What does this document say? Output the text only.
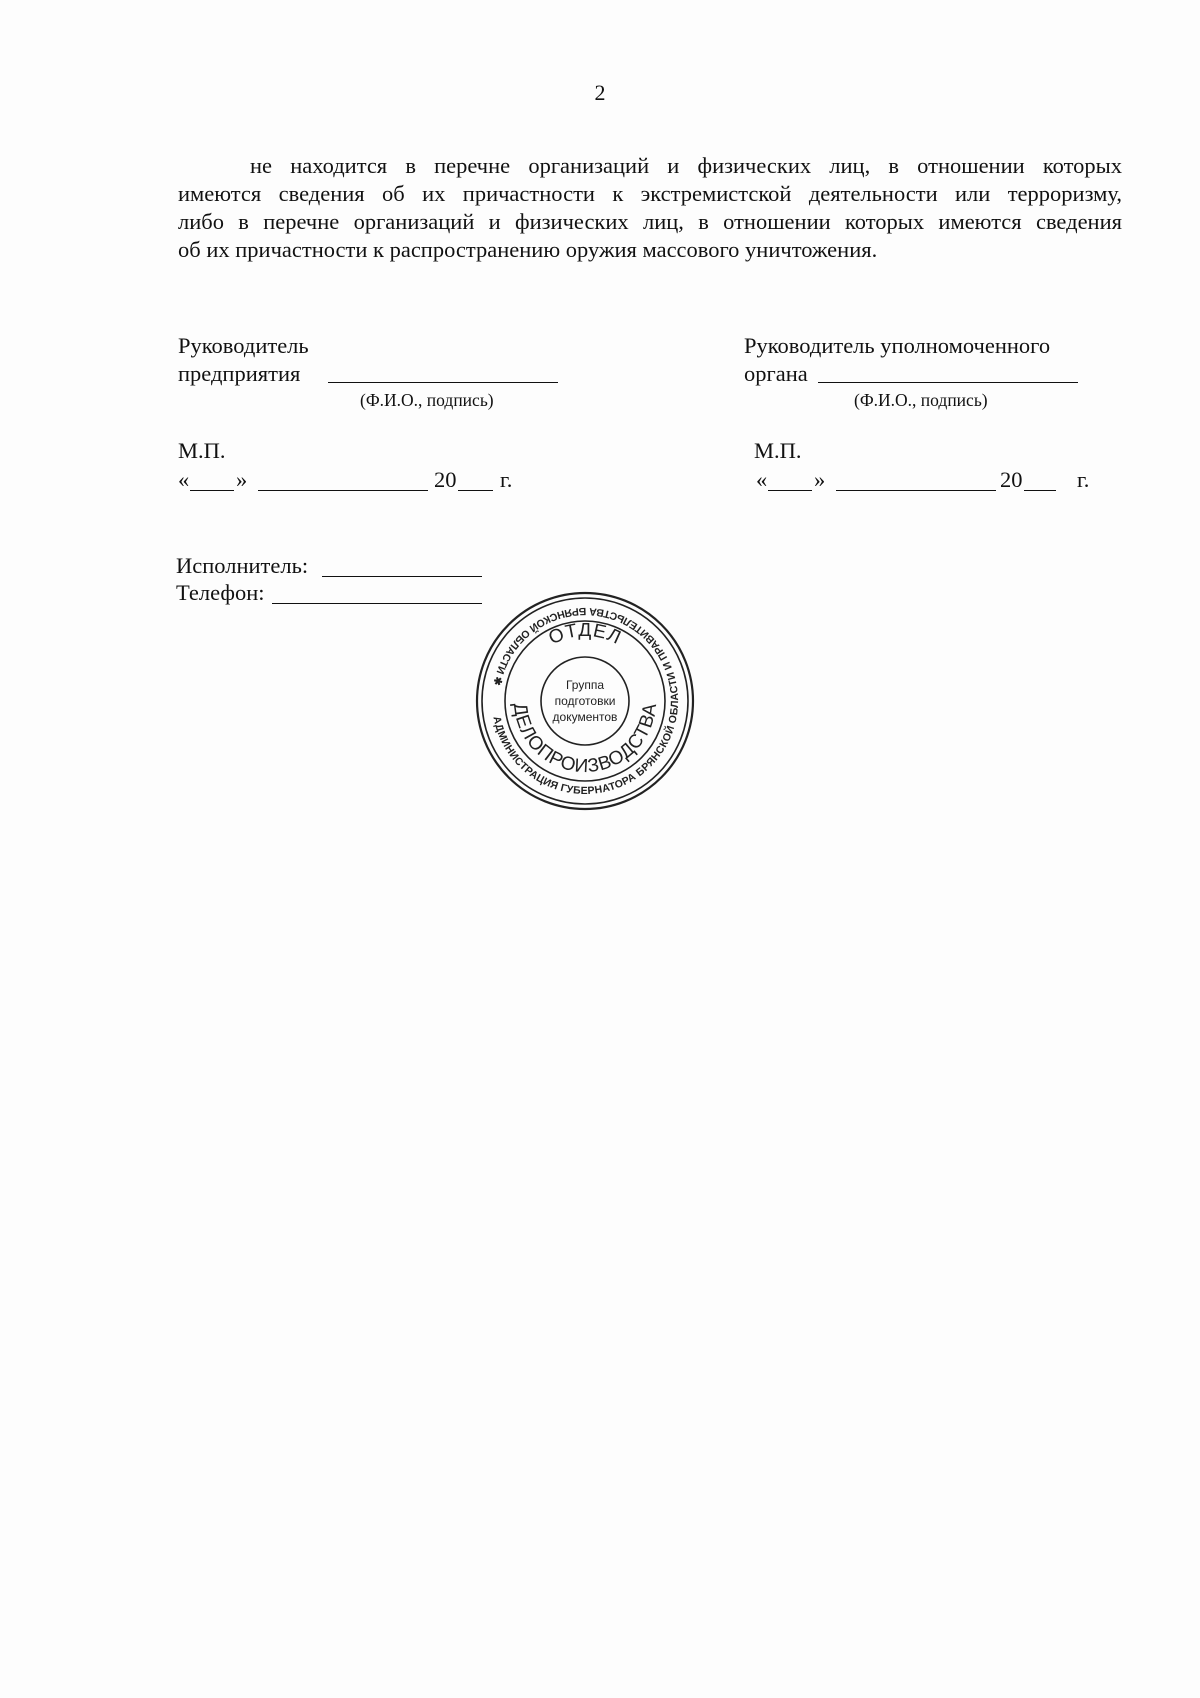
2
не находится в перечне организаций и физических лиц, в отношении которых
имеются сведения об их причастности к экстремистской деятельности или терроризму,
либо в перечне организаций и физических лиц, в отношении которых имеются сведения
об их причастности к распространению оружия массового уничтожения.
Руководитель
предприятия
(Ф.И.О., подпись)
М.П.
« »	20 г.
Руководитель уполномоченного
органа
(Ф.И.О., подпись)
М.П.
« »	20 г.
Исполнитель:
Телефон:
АДМИНИСТРАЦИЯ ГУБЕРНАТОРА БРЯНСКОЙ ОБЛАСТИ И ПРАВИТЕЛЬСТВА БРЯНСКОЙ ОБЛАСТИ ✱
ОТДЕЛ
ДЕЛОПРОИЗВОДСТВА
Группа
подготовки
документов
